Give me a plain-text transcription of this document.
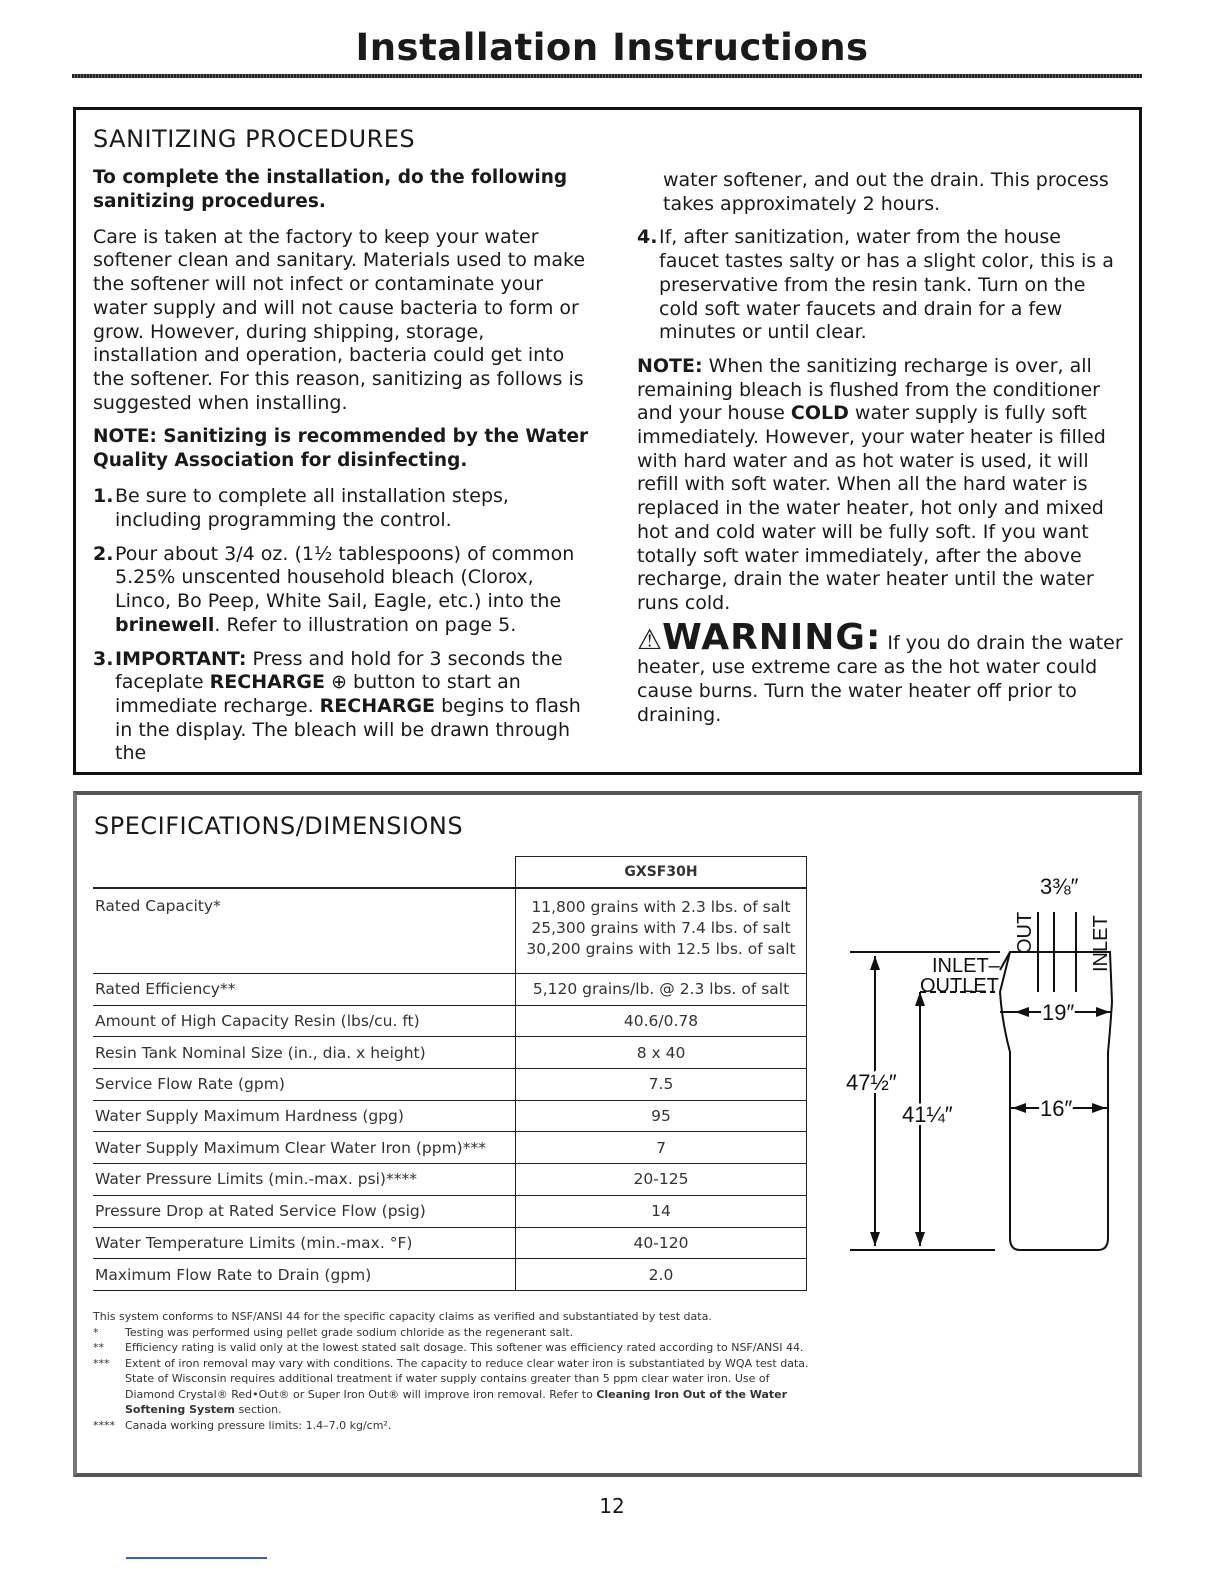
Installation Instructions
SANITIZING PROCEDURES

To complete the installation, do the following sanitizing procedures.

Care is taken at the factory to keep your water softener clean and sanitary. Materials used to make the softener will not infect or contaminate your water supply and will not cause bacteria to form or grow. However, during shipping, storage, installation and operation, bacteria could get into the softener. For this reason, sanitizing as follows is suggested when installing.

NOTE: Sanitizing is recommended by the Water Quality Association for disinfecting.

1. Be sure to complete all installation steps, including programming the control.
2. Pour about 3/4 oz. (1½ tablespoons) of common 5.25% unscented household bleach (Clorox, Linco, Bo Peep, White Sail, Eagle, etc.) into the brinewell. Refer to illustration on page 5.
3. IMPORTANT: Press and hold for 3 seconds the faceplate RECHARGE ⊕ button to start an immediate recharge. RECHARGE begins to flash in the display. The bleach will be drawn through the

water softener, and out the drain. This process takes approximately 2 hours.

4. If, after sanitization, water from the house faucet tastes salty or has a slight color, this is a preservative from the resin tank. Turn on the cold soft water faucets and drain for a few minutes or until clear.

NOTE: When the sanitizing recharge is over, all remaining bleach is flushed from the conditioner and your house COLD water supply is fully soft immediately. However, your water heater is filled with hard water and as hot water is used, it will refill with soft water. When all the hard water is replaced in the water heater, hot only and mixed hot and cold water will be fully soft. If you want totally soft water immediately, after the above recharge, drain the water heater until the water runs cold.

⚠WARNING: If you do drain the water heater, use extreme care as the hot water could cause burns. Turn the water heater off prior to draining.
SPECIFICATIONS/DIMENSIONS
	GXSF30H
Rated Capacity*	11,800 grains with 2.3 lbs. of salt
25,300 grains with 7.4 lbs. of salt
30,200 grains with 12.5 lbs. of salt

Rated Efficiency**	5,120 grains/lb. @ 2.3 lbs. of salt
Amount of High Capacity Resin (lbs/cu. ft)	40.6/0.78
Resin Tank Nominal Size (in., dia. x height)	8 x 40
Service Flow Rate (gpm)	7.5
Water Supply Maximum Hardness (gpg)	95
Water Supply Maximum Clear Water Iron (ppm)***	7
Water Pressure Limits (min.-max. psi)****	20-125
Pressure Drop at Rated Service Flow (psig)	14
Water Temperature Limits (min.-max. °F)	40-120
Maximum Flow Rate to Drain (gpm)	2.0
This system conforms to NSF/ANSI 44 for the specific capacity claims as verified and substantiated by test data.
* Testing was performed using pellet grade sodium chloride as the regenerant salt.
** Efficiency rating is valid only at the lowest stated salt dosage. This softener was efficiency rated according to NSF/ANSI 44.
*** Extent of iron removal may vary with conditions. The capacity to reduce clear water iron is substantiated by WQA test data. State of Wisconsin requires additional treatment if water supply contains greater than 5 ppm clear water iron. Use of Diamond Crystal® Red•Out® or Super Iron Out® will improve iron removal. Refer to Cleaning Iron Out of the Water Softening System section.
**** Canada working pressure limits: 1.4–7.0 kg/cm².
3⅜″
OUT	INLET
INLET–
OUTLET
47½″
41¼″
19″
16″
12
